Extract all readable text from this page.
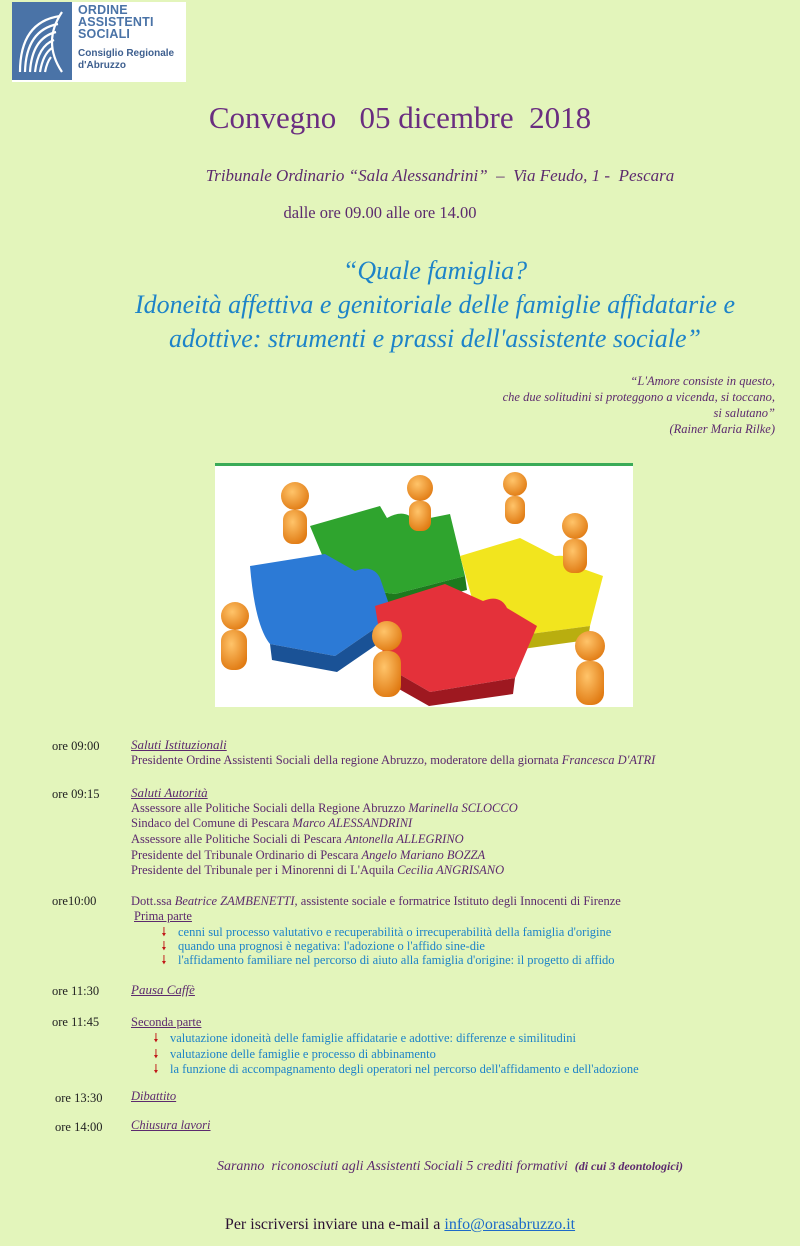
ORDINE
ASSISTENTI
SOCIALI
Consiglio Regionale
d'Abruzzo
Convegno   05 dicembre  2018
Tribunale Ordinario “Sala Alessandrini”  –  Via Feudo, 1 -  Pescara
dalle ore 09.00 alle ore 14.00
“Quale famiglia?
Idoneità affettiva e genitoriale delle famiglie affidatarie e
adottive: strumenti e prassi dell'assistente sociale”
“L'Amore consiste in questo,
che due solitudini si proteggono a vicenda, si toccano,
si salutano”
(Rainer Maria Rilke)
ore 09:00 Saluti Istituzionali
Presidente Ordine Assistenti Sociali della regione Abruzzo, moderatore della giornata Francesca D'ATRI
ore 09:15 Saluti Autorità
Assessore alle Politiche Sociali della Regione Abruzzo Marinella SCLOCCO
Sindaco del Comune di Pescara Marco ALESSANDRINI
Assessore alle Politiche Sociali di Pescara Antonella ALLEGRINO
Presidente del Tribunale Ordinario di Pescara Angelo Mariano BOZZA
Presidente del Tribunale per i Minorenni di L'Aquila Cecilia ANGRISANO
ore10:00	Dott.ssa Beatrice ZAMBENETTI, assistente sociale e formatrice Istituto degli Innocenti di Firenze
Prima parte
🠗 cenni sul processo valutativo e recuperabilità o irrecuperabilità della famiglia d'origine
🠗 quando una prognosi è negativa: l'adozione o l'affido sine-die
🠗 l'affidamento familiare nel percorso di aiuto alla famiglia d'origine: il progetto di affido
ore 11:30 Pausa Caffè
ore 11:45	Seconda parte
🠗 valutazione idoneità delle famiglie affidatarie e adottive: differenze e similitudini
🠗 valutazione delle famiglie e processo di abbinamento
🠗 la funzione di accompagnamento degli operatori nel percorso dell'affidamento e dell'adozione
ore 13:30 Dibattito
ore 14:00 Chiusura lavori
Saranno  riconosciuti agli Assistenti Sociali 5 crediti formativi  (di cui 3 deontologici)
Per iscriversi inviare una e-mail a info@orasabruzzo.it
